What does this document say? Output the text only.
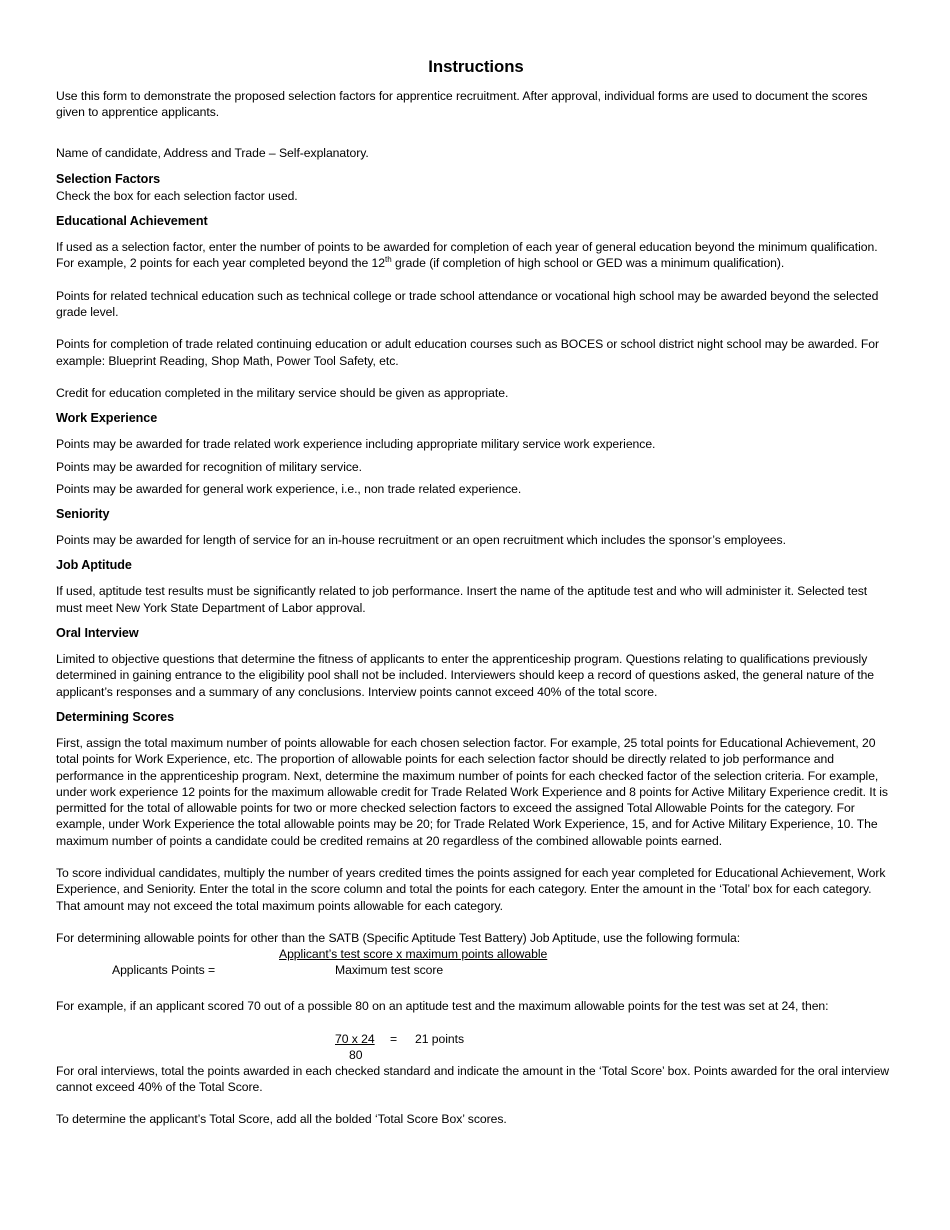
Instructions

Use this form to demonstrate the proposed selection factors for apprentice recruitment. After approval, individual forms are used to document the scores given to apprentice applicants.

Name of candidate, Address and Trade – Self-explanatory.

Selection Factors

Check the box for each selection factor used.

Educational Achievement

If used as a selection factor, enter the number of points to be awarded for completion of each year of general education beyond the minimum qualification. For example, 2 points for each year completed beyond the 12th grade (if completion of high school or GED was a minimum qualification).

Points for related technical education such as technical college or trade school attendance or vocational high school may be awarded beyond the selected grade level.

Points for completion of trade related continuing education or adult education courses such as BOCES or school district night school may be awarded. For example: Blueprint Reading, Shop Math, Power Tool Safety, etc.

Credit for education completed in the military service should be given as appropriate.

Work Experience

Points may be awarded for trade related work experience including appropriate military service work experience.

Points may be awarded for recognition of military service.

Points may be awarded for general work experience, i.e., non trade related experience.

Seniority

Points may be awarded for length of service for an in-house recruitment or an open recruitment which includes the sponsor’s employees.

Job Aptitude

If used, aptitude test results must be significantly related to job performance. Insert the name of the aptitude test and who will administer it. Selected test must meet New York State Department of Labor approval.

Oral Interview

Limited to objective questions that determine the fitness of applicants to enter the apprenticeship program. Questions relating to qualifications previously determined in gaining entrance to the eligibility pool shall not be included. Interviewers should keep a record of questions asked, the general nature of the applicant’s responses and a summary of any conclusions. Interview points cannot exceed 40% of the total score.

Determining Scores

First, assign the total maximum number of points allowable for each chosen selection factor. For example, 25 total points for Educational Achievement, 20 total points for Work Experience, etc. The proportion of allowable points for each selection factor should be directly related to job performance and performance in the apprenticeship program. Next, determine the maximum number of points for each checked factor of the selection criteria. For example, under work experience 12 points for the maximum allowable credit for Trade Related Work Experience and 8 points for Active Military Experience credit. It is permitted for the total of allowable points for two or more checked selection factors to exceed the assigned Total Allowable Points for the category. For example, under Work Experience the total allowable points may be 20; for Trade Related Work Experience, 15, and for Active Military Experience, 10. The maximum number of points a candidate could be credited remains at 20 regardless of the combined allowable points earned.

To score individual candidates, multiply the number of years credited times the points assigned for each year completed for Educational Achievement, Work Experience, and Seniority. Enter the total in the score column and total the points for each category. Enter the amount in the ‘Total’ box for each category. That amount may not exceed the total maximum points allowable for each category.

For determining allowable points for other than the SATB (Specific Aptitude Test Battery) Job Aptitude, use the following formula:

Applicant’s test score x maximum points allowable
Applicants Points =	Maximum test score

For example, if an applicant scored 70 out of a possible 80 on an aptitude test and the maximum allowable points for the test was set at 24, then:

70 x 24 = 21 points
80

For oral interviews, total the points awarded in each checked standard and indicate the amount in the ‘Total Score’ box. Points awarded for the oral interview cannot exceed 40% of the Total Score.

To determine the applicant’s Total Score, add all the bolded ‘Total Score Box’ scores.
